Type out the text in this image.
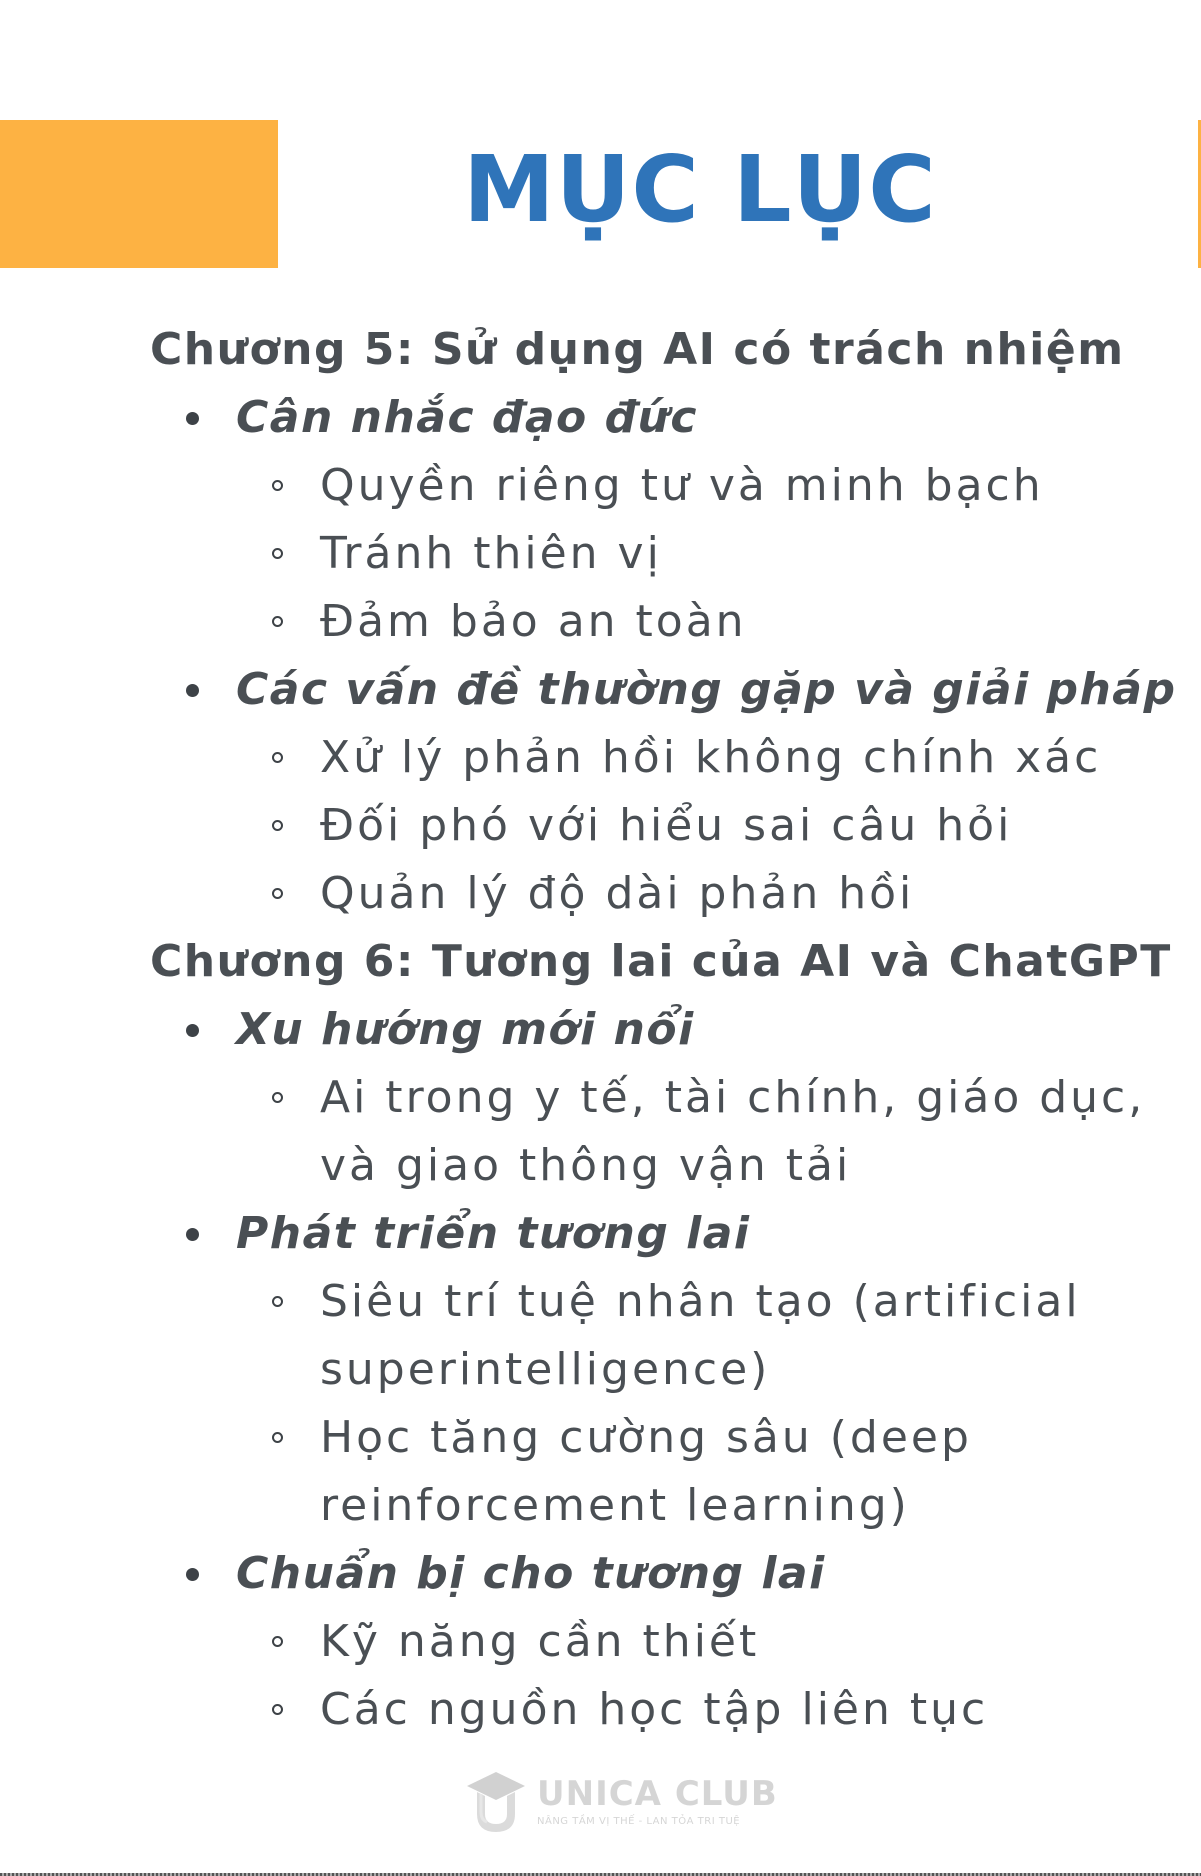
MỤC LỤC
Chương 5: Sử dụng AI có trách nhiệm
Cân nhắc đạo đức
Quyền riêng tư và minh bạch
Tránh thiên vị
Đảm bảo an toàn
Các vấn đề thường gặp và giải pháp
Xử lý phản hồi không chính xác
Đối phó với hiểu sai câu hỏi
Quản lý độ dài phản hồi
Chương 6: Tương lai của AI và ChatGPT
Xu hướng mới nổi
Ai trong y tế, tài chính, giáo dục,
và giao thông vận tải
Phát triển tương lai
Siêu trí tuệ nhân tạo (artificial
superintelligence)
Học tăng cường sâu (deep
reinforcement learning)
Chuẩn bị cho tương lai
Kỹ năng cần thiết
Các nguồn học tập liên tục
UNICA CLUB
NÂNG TẦM VỊ THẾ - LAN TỎA TRI TUỆ
